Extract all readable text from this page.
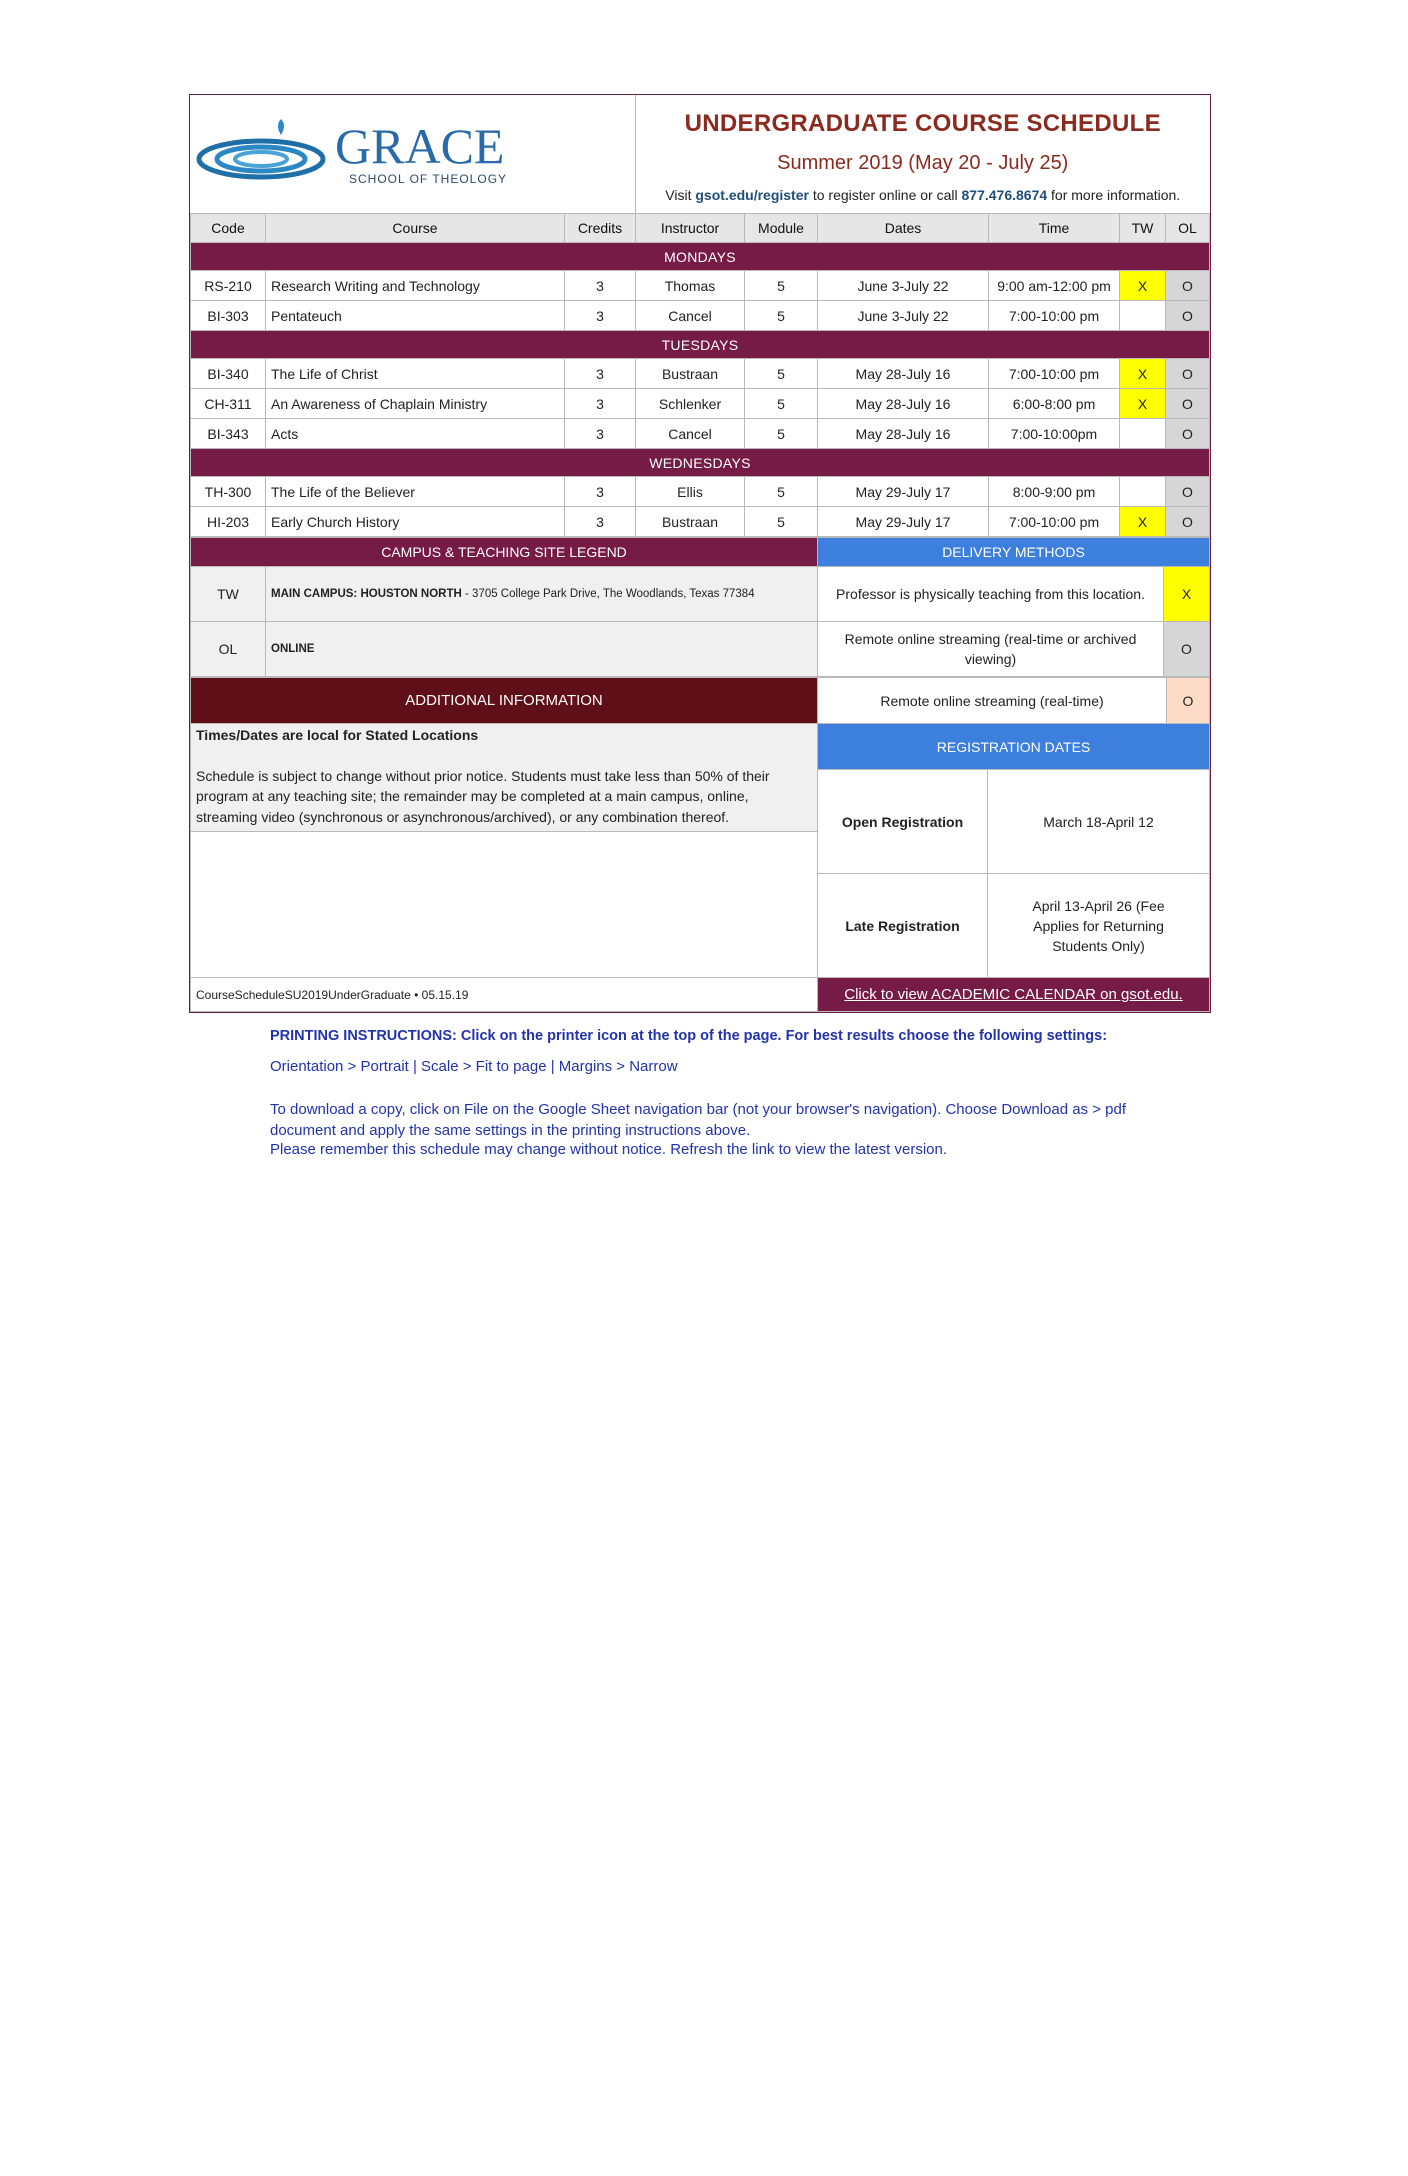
GRACE
SCHOOL OF THEOLOGY

UNDERGRADUATE COURSE SCHEDULE
Summer 2019 (May 20 - July 25)
Visit gsot.edu/register to register online or call 877.476.8674 for more information.
Code	Course	Credits	Instructor	Module	Dates	Time	TW	OL
MONDAYS								
RS-210	Research Writing and Technology	3	Thomas	5	June 3-July 22	9:00 am-12:00 pm	X	O
BI-303	Pentateuch	3	Cancel	5	June 3-July 22	7:00-10:00 pm		O
TUESDAYS								
BI-340	The Life of Christ	3	Bustraan	5	May 28-July 16	7:00-10:00 pm	X	O
CH-311	An Awareness of Chaplain Ministry	3	Schlenker	5	May 28-July 16	6:00-8:00 pm	X	O
BI-343	Acts	3	Cancel	5	May 28-July 16	7:00-10:00pm		O
WEDNESDAYS								
TH-300	The Life of the Believer	3	Ellis	5	May 29-July 17	8:00-9:00 pm		O
HI-203	Early Church History	3	Bustraan	5	May 29-July 17	7:00-10:00 pm	X	O
CAMPUS & TEACHING SITE LEGEND		DELIVERY METHODS	
TW	MAIN CAMPUS: HOUSTON NORTH - 3705 College Park Drive, The Woodlands, Texas 77384	Professor is physically teaching from this location.	X
OL	ONLINE	Remote online streaming (real-time or archived viewing)	O
ADDITIONAL INFORMATION	Remote online streaming (real-time)		O

Times/Dates are local for Stated Locations
Schedule is subject to change without prior notice. Students must take less than 50% of their program at any teaching site; the remainder may be completed at a main campus, online, streaming video (synchronous or asynchronous/archived), or any combination thereof.	REGISTRATION DATES		
	Open Registration	March 18-April 12	
	Late Registration	April 13-April 26 (Fee Applies for Returning Students Only)	
CourseScheduleSU2019UnderGraduate • 05.15.19	Click to view ACADEMIC CALENDAR on gsot.edu.		
PRINTING INSTRUCTIONS: Click on the printer icon at the top of the page. For best results choose the following settings:
Orientation > Portrait | Scale > Fit to page | Margins > Narrow
To download a copy, click on File on the Google Sheet navigation bar (not your browser's navigation). Choose Download as > pdf document and apply the same settings in the printing instructions above.
Please remember this schedule may change without notice. Refresh the link to view the latest version.
